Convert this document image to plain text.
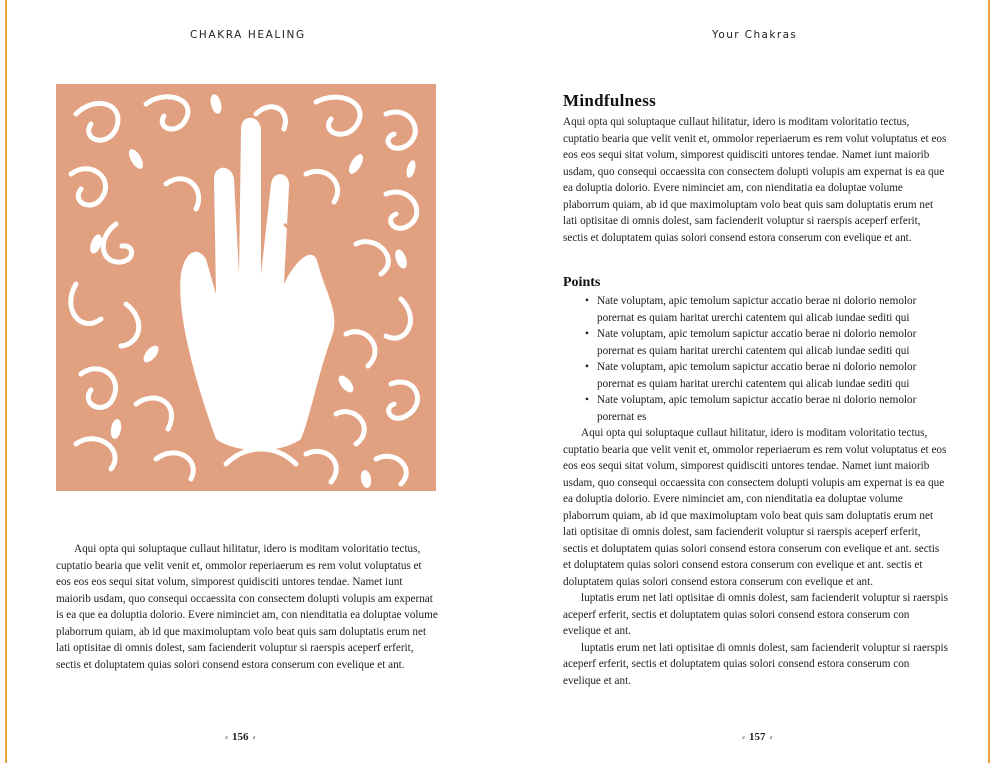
CHAKRA HEALING

Aqui opta qui soluptaque cullaut hilitatur, idero is moditam voloritatio tectus, cuptatio bearia que velit venit et, ommolor reperiaerum es rem volut voluptatus et eos eos eos sequi sitat volum, simporest quidisciti untores tendae. Namet iunt maiorib usdam, quo consequi occaessita con consectem dolupti volupis am expernat is ea que ea doluptia dolorio. Evere niminciet am, con nienditatia ea doluptae volume plaborrum quiam, ab id que maximoluptam volo beat quis sam doluptatis erum net lati optisitae di omnis dolest, sam facienderit voluptur si raerspis aceperf erferit, sectis et doluptatem quias solori consend estora conserum con evelique et ant.

⸗ 156 ⸗
Your Chakras
Mindfulness

Aqui opta qui soluptaque cullaut hilitatur, idero is moditam voloritatio tectus, cuptatio bearia que velit venit et, ommolor reperiaerum es rem volut voluptatus et eos eos eos sequi sitat volum, simporest quidisciti untores tendae. Namet iunt maiorib usdam, quo consequi occaessita con consectem dolupti volupis am expernat is ea que ea doluptia dolorio. Evere niminciet am, con nienditatia ea doluptae volume plaborrum quiam, ab id que maximoluptam volo beat quis sam doluptatis erum net lati optisitae di omnis dolest, sam facienderit voluptur si raerspis aceperf erferit, sectis et doluptatem quias solori consend estora conserum con evelique et ant.

Points
• Nate voluptam, apic temolum sapictur accatio berae ni dolorio nemolor porernat es quiam haritat urerchi catentem qui alicab iundae sediti qui
• Nate voluptam, apic temolum sapictur accatio berae ni dolorio nemolor porernat es quiam haritat urerchi catentem qui alicab iundae sediti qui
• Nate voluptam, apic temolum sapictur accatio berae ni dolorio nemolor porernat es quiam haritat urerchi catentem qui alicab iundae sediti qui
• Nate voluptam, apic temolum sapictur accatio berae ni dolorio nemolor porernat es

Aqui opta qui soluptaque cullaut hilitatur, idero is moditam voloritatio tectus, cuptatio bearia que velit venit et, ommolor reperiaerum es rem volut voluptatus et eos eos eos sequi sitat volum, simporest quidisciti untores tendae. Namet iunt maiorib usdam, quo consequi occaessita con consectem dolupti volupis am expernat is ea que ea doluptia dolorio. Evere niminciet am, con nienditatia ea doluptae volume plaborrum quiam, ab id que maximoluptam volo beat quis sam doluptatis erum net lati optisitae di omnis dolest, sam facienderit voluptur si raerspis aceperf erferit, sectis et doluptatem quias solori consend estora conserum con evelique et ant. sectis et doluptatem quias solori consend estora conserum con evelique et ant. sectis et doluptatem quias solori consend estora conserum con evelique et ant.

luptatis erum net lati optisitae di omnis dolest, sam facienderit voluptur si raerspis aceperf erferit, sectis et doluptatem quias solori consend estora conserum con evelique et ant.

luptatis erum net lati optisitae di omnis dolest, sam facienderit voluptur si raerspis aceperf erferit, sectis et doluptatem quias solori consend estora conserum con evelique et ant.

⸗ 157 ⸗
